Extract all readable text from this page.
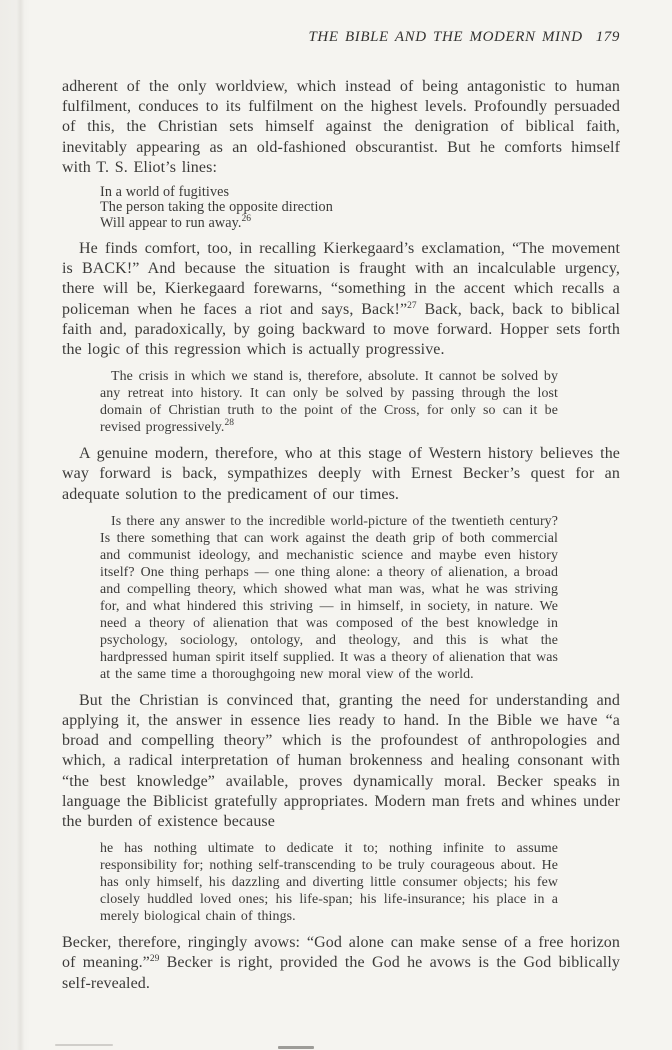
THE BIBLE AND THE MODERN MIND 179

adherent of the only worldview, which instead of being antagonistic to human fulfilment, conduces to its fulfilment on the highest levels. Profoundly persuaded of this, the Christian sets himself against the denigration of biblical faith, inevitably appearing as an old-fashioned obscurantist. But he comforts himself with T. S. Eliot’s lines:

In a world of fugitives
The person taking the opposite direction
Will appear to run away.$^{26}$

He finds comfort, too, in recalling Kierkegaard’s exclamation, “The movement is BACK!” And because the situation is fraught with an incalculable urgency, there will be, Kierkegaard forewarns, “something in the accent which recalls a policeman when he faces a riot and says, Back!”$^{27}$ Back, back, back to biblical faith and, paradoxically, by going backward to move forward. Hopper sets forth the logic of this regression which is actually progressive.

The crisis in which we stand is, therefore, absolute. It cannot be solved by any retreat into history. It can only be solved by passing through the lost domain of Christian truth to the point of the Cross, for only so can it be revised progressively.$^{28}$

A genuine modern, therefore, who at this stage of Western history believes the way forward is back, sympathizes deeply with Ernest Becker’s quest for an adequate solution to the predicament of our times.

Is there any answer to the incredible world-picture of the twentieth century? Is there something that can work against the death grip of both commercial and communist ideology, and mechanistic science and maybe even history itself? One thing perhaps — one thing alone: a theory of alienation, a broad and compelling theory, which showed what man was, what he was striving for, and what hindered this striving — in himself, in society, in nature. We need a theory of alienation that was composed of the best knowledge in psychology, sociology, ontology, and theology, and this is what the hardpressed human spirit itself supplied. It was a theory of alienation that was at the same time a thoroughgoing new moral view of the world.

But the Christian is convinced that, granting the need for understanding and applying it, the answer in essence lies ready to hand. In the Bible we have “a broad and compelling theory” which is the profoundest of anthropologies and which, a radical interpretation of human brokenness and healing consonant with “the best knowledge” available, proves dynamically moral. Becker speaks in language the Biblicist gratefully appropriates. Modern man frets and whines under the burden of existence because

he has nothing ultimate to dedicate it to; nothing infinite to assume responsibility for; nothing self-transcending to be truly courageous about. He has only himself, his dazzling and diverting little consumer objects; his few closely huddled loved ones; his life-span; his life-insurance; his place in a merely biological chain of things.

Becker, therefore, ringingly avows: “God alone can make sense of a free horizon of meaning.”$^{29}$ Becker is right, provided the God he avows is the God biblically self-revealed.
